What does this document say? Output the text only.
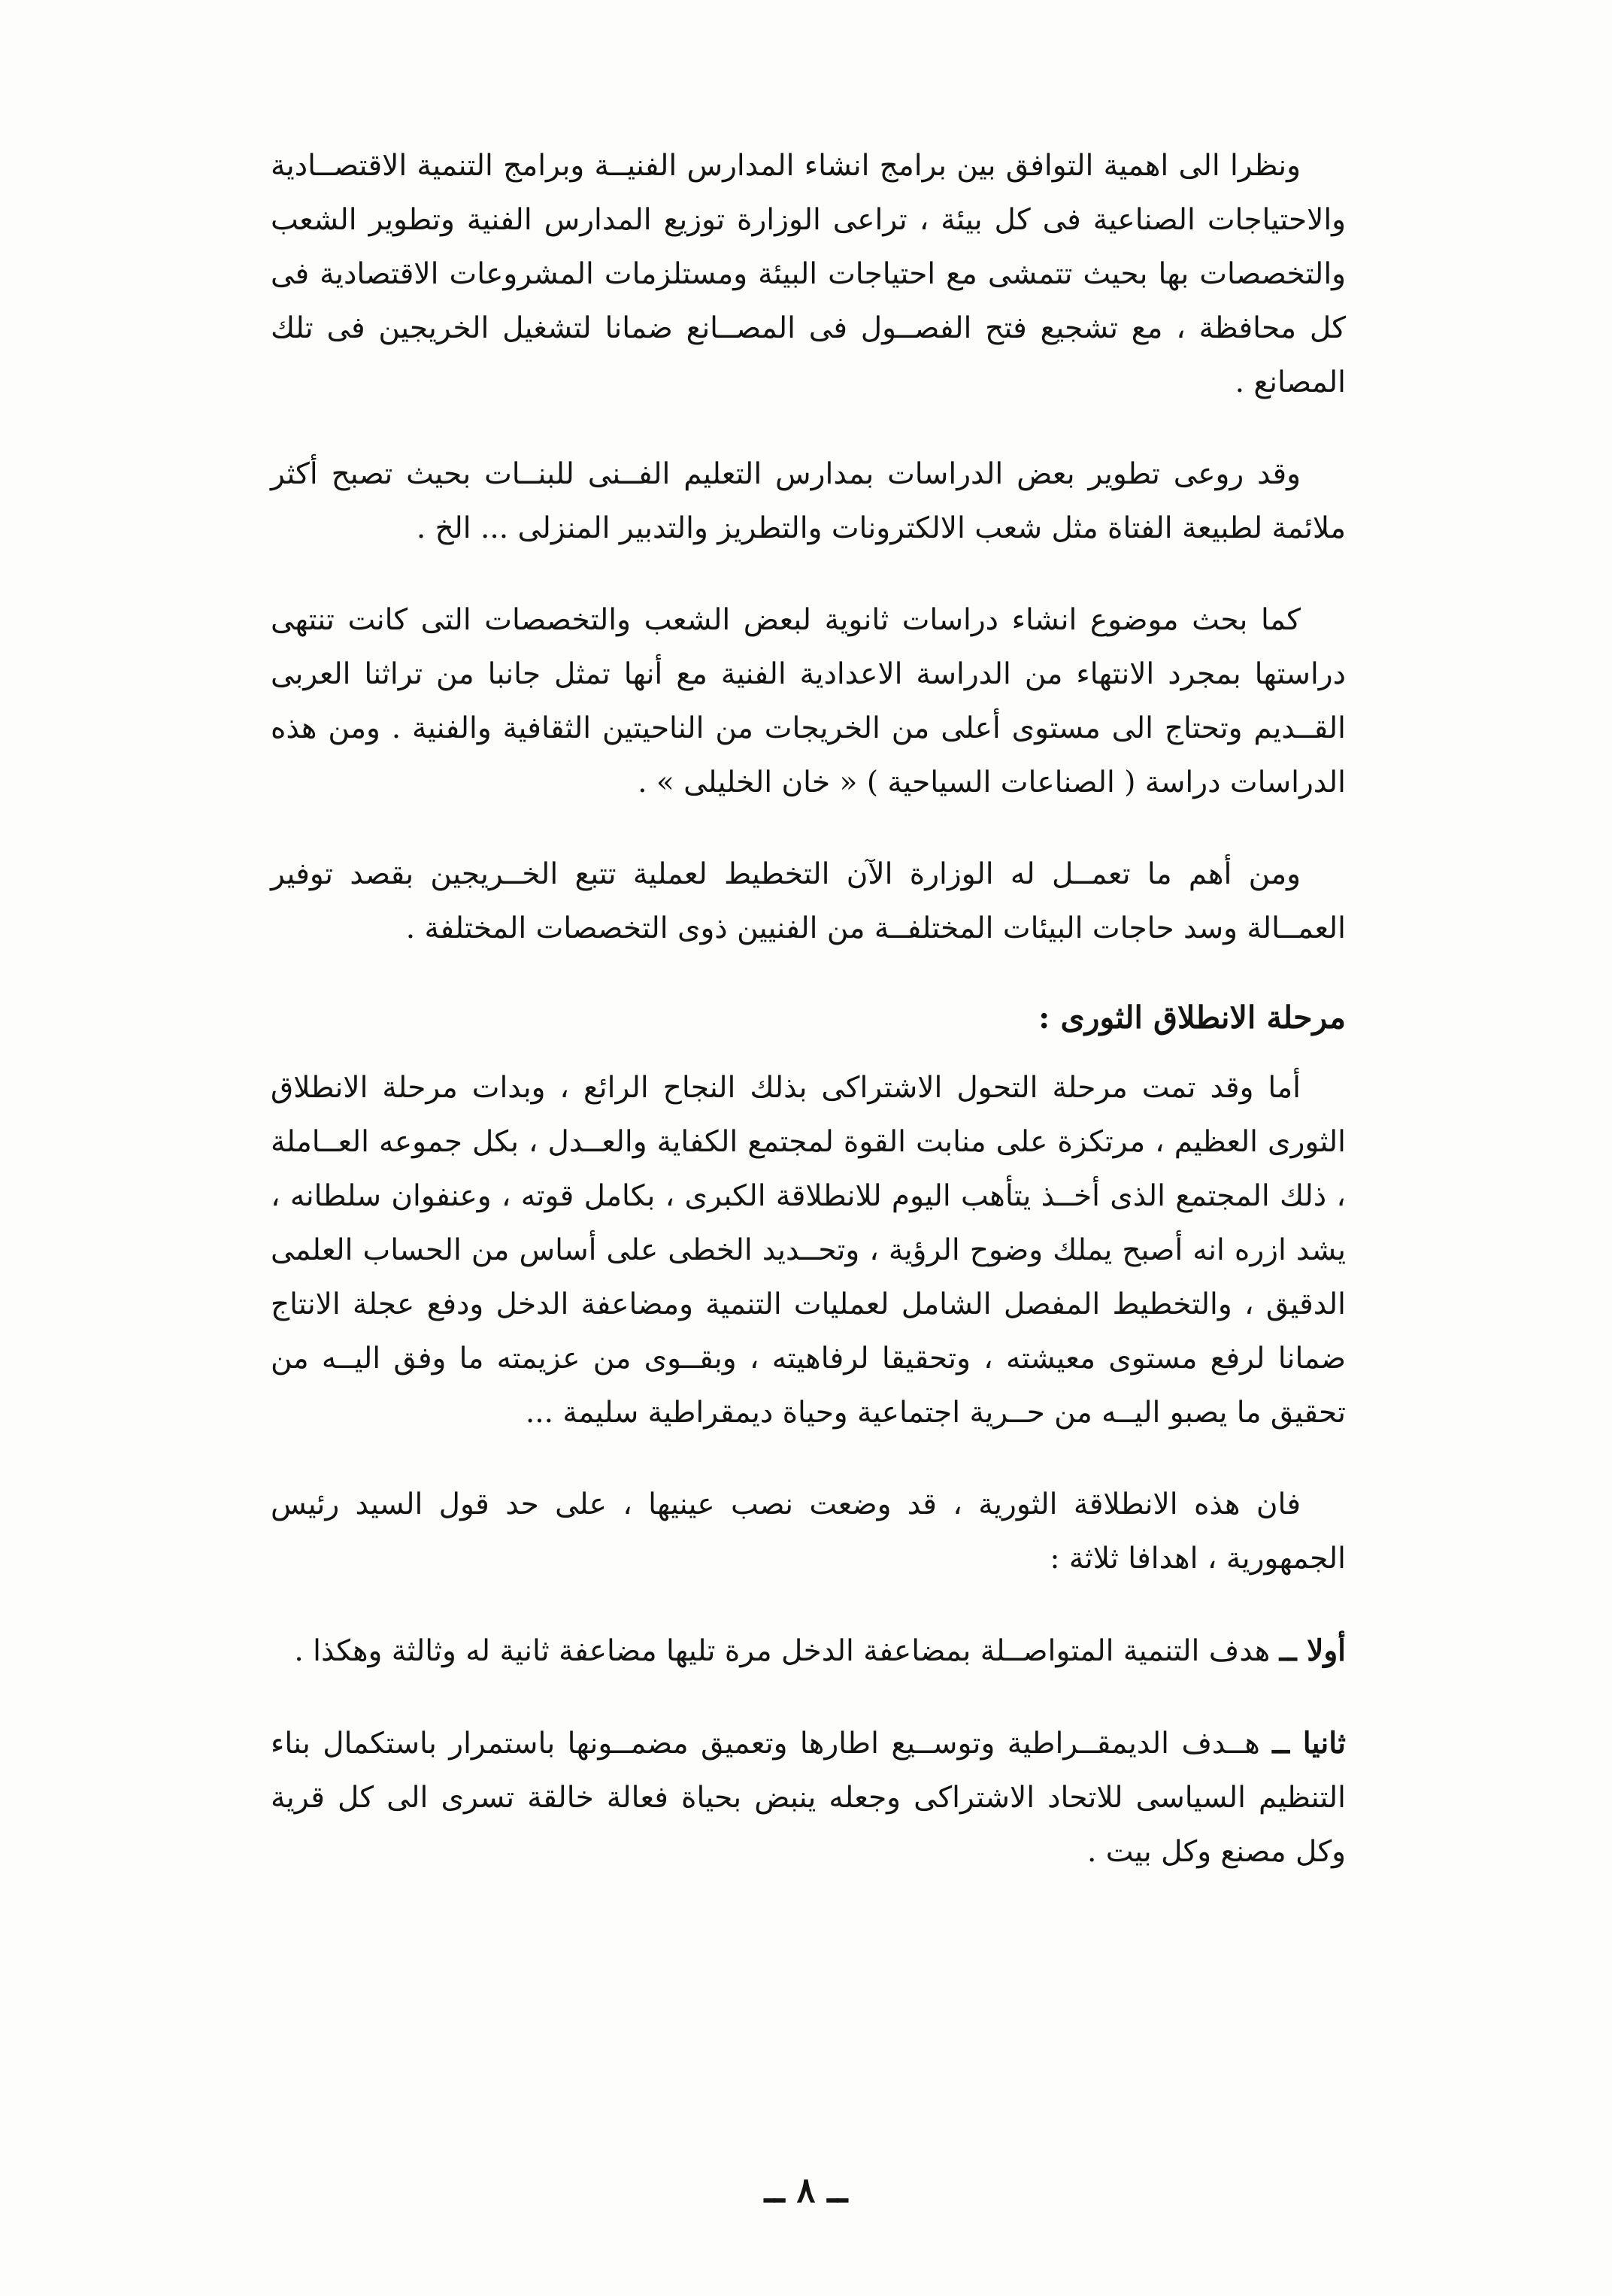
ونظرا الى اهمية التوافق بين برامج انشاء المدارس الفنيــة وبرامج التنمية الاقتصــادية والاحتياجات الصناعية فى كل بيئة ، تراعى الوزارة توزيع المدارس الفنية وتطوير الشعب والتخصصات بها بحيث تتمشى مع احتياجات البيئة ومستلزمات المشروعات الاقتصادية فى كل محافظة ، مع تشجيع فتح الفصــول فى المصــانع ضمانا لتشغيل الخريجين فى تلك المصانع .

وقد روعى تطوير بعض الدراسات بمدارس التعليم الفــنى للبنــات بحيث تصبح أكثر ملائمة لطبيعة الفتاة مثل شعب الالكترونات والتطريز والتدبير المنزلى ... الخ .

كما بحث موضوع انشاء دراسات ثانوية لبعض الشعب والتخصصات التى كانت تنتهى دراستها بمجرد الانتهاء من الدراسة الاعدادية الفنية مع أنها تمثل جانبا من تراثنا العربى القــديم وتحتاج الى مستوى أعلى من الخريجات من الناحيتين الثقافية والفنية . ومن هذه الدراسات دراسة ( الصناعات السياحية ) « خان الخليلى » .

ومن أهم ما تعمــل له الوزارة الآن التخطيط لعملية تتبع الخــريجين بقصد توفير العمــالة وسد حاجات البيئات المختلفــة من الفنيين ذوى التخصصات المختلفة .

مرحلة الانطلاق الثورى :

أما وقد تمت مرحلة التحول الاشتراكى بذلك النجاح الرائع ، وبدات مرحلة الانطلاق الثورى العظيم ، مرتكزة على منابت القوة لمجتمع الكفاية والعــدل ، بكل جموعه العــاملة ، ذلك المجتمع الذى أخــذ يتأهب اليوم للانطلاقة الكبرى ، بكامل قوته ، وعنفوان سلطانه ، يشد ازره انه أصبح يملك وضوح الرؤية ، وتحــديد الخطى على أساس من الحساب العلمى الدقيق ، والتخطيط المفصل الشامل لعمليات التنمية ومضاعفة الدخل ودفع عجلة الانتاج ضمانا لرفع مستوى معيشته ، وتحقيقا لرفاهيته ، وبقــوى من عزيمته ما وفق اليــه من تحقيق ما يصبو اليــه من حــرية اجتماعية وحياة ديمقراطية سليمة ...

فان هذه الانطلاقة الثورية ، قد وضعت نصب عينيها ، على حد قول السيد رئيس الجمهورية ، اهدافا ثلاثة :

أولا ــ هدف التنمية المتواصــلة بمضاعفة الدخل مرة تليها مضاعفة ثانية له وثالثة وهكذا .

ثانيا ــ هــدف الديمقــراطية وتوســيع اطارها وتعميق مضمــونها باستمرار باستكمال بناء التنظيم السياسى للاتحاد الاشتراكى وجعله ينبض بحياة فعالة خالقة تسرى الى كل قرية وكل مصنع وكل بيت .

ــ ٨ ــ
